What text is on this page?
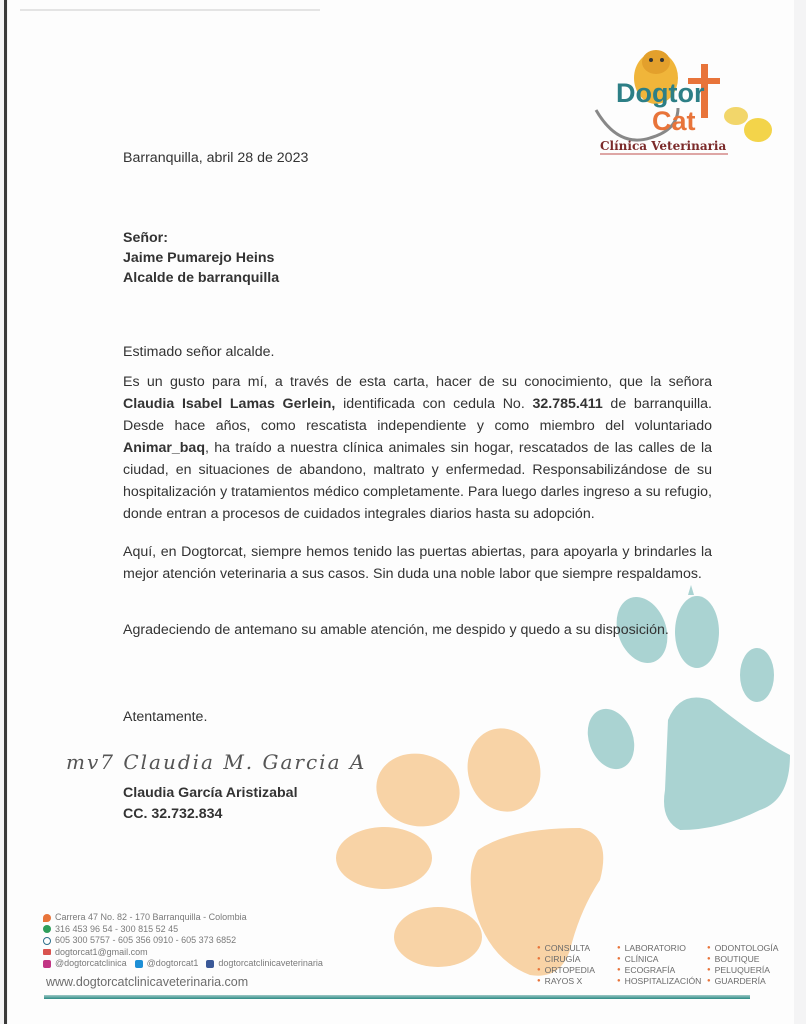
Dogtor
Cat
Clínica Veterinaria
Barranquilla, abril 28 de 2023
Señor:
Jaime Pumarejo Heins
Alcalde de barranquilla
Estimado señor alcalde.
Es un gusto para mí, a través de esta carta, hacer de su conocimiento, que la señora Claudia Isabel Lamas Gerlein, identificada con cedula No. 32.785.411 de barranquilla. Desde hace años, como rescatista independiente y como miembro del voluntariado Animar_baq, ha traído a nuestra clínica animales sin hogar, rescatados de las calles de la ciudad, en situaciones de abandono, maltrato y enfermedad. Responsabilizándose de su hospitalización y tratamientos médico completamente. Para luego darles ingreso a su refugio, donde entran a procesos de cuidados integrales diarios hasta su adopción.
Aquí, en Dogtorcat, siempre hemos tenido las puertas abiertas, para apoyarla y brindarles la mejor atención veterinaria a sus casos. Sin duda una noble labor que siempre respaldamos.
Agradeciendo de antemano su amable atención, me despido y quedo a su disposición.
Atentamente.
mv7 Claudia M. Garcia A
Claudia García Aristizabal
CC. 32.732.834
Carrera 47 No. 82 - 170 Barranquilla - Colombia
316 453 96 54 - 300 815 52 45
605 300 5757 - 605 356 0910 - 605 373 6852
dogtorcat1@gmail.com
@dogtorcatclinica @dogtorcat1 dogtorcatclinicaveterinaria
www.dogtorcatclinicaveterinaria.com
● CONSULTA	● LABORATORIO	● ODONTOLOGÍA
● CIRUGÍA	● CLÍNICA	● BOUTIQUE
● ORTOPEDIA	● ECOGRAFÍA	● PELUQUERÍA
● RAYOS X	● HOSPITALIZACIÓN	● GUARDERÍA
